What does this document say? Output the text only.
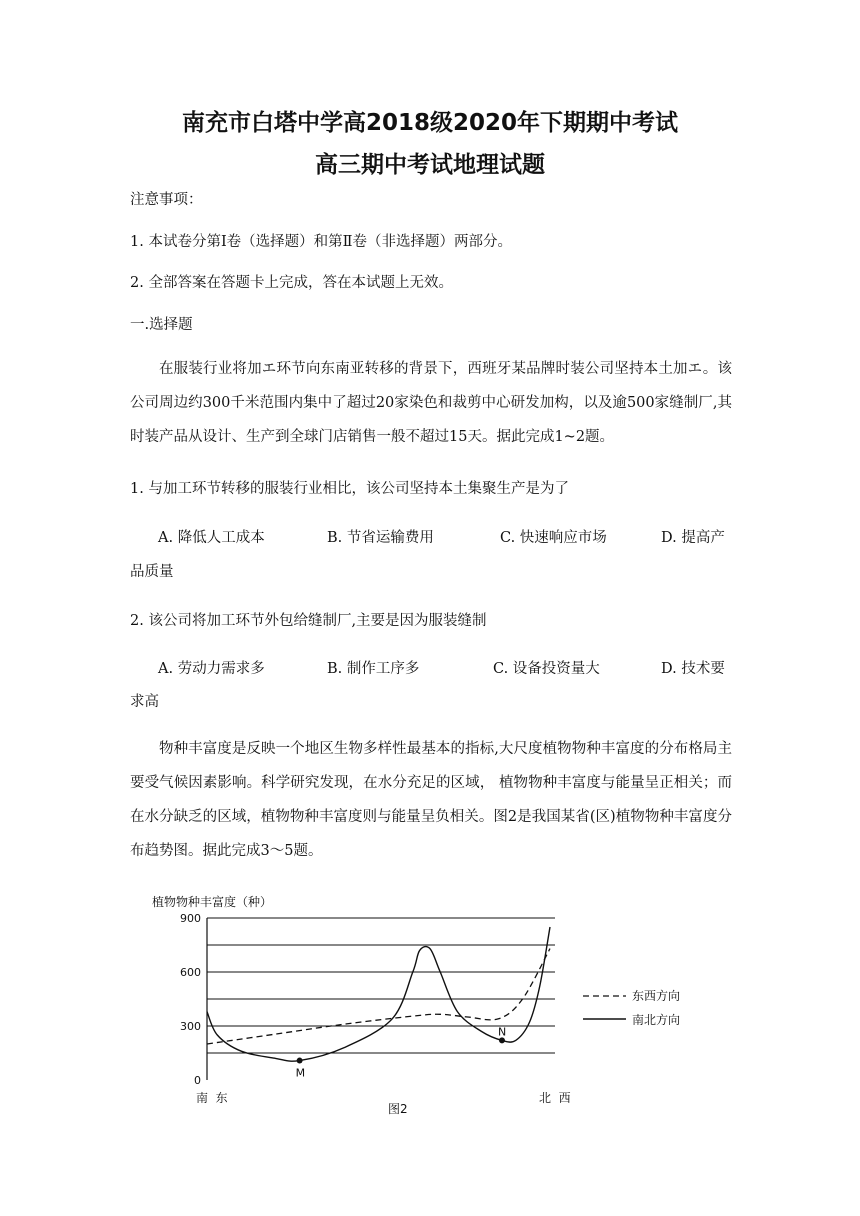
南充市白塔中学高2018级2020年下期期中考试
高三期中考试地理试题
注意事项：
1. 本试卷分第Ⅰ卷（选择题）和第Ⅱ卷（非选择题）两部分。
2. 全部答案在答题卡上完成，答在本试题上无效。
一.选择题
在服装行业将加エ环节向东南亚转移的背景下，西班牙某品牌时装公司坚持本土加エ。该公司周边约300千米范围内集中了超过20家染色和裁剪中心研发加构，以及逾500家缝制厂,其时装产品从设计、生产到全球门店销售一般不超过15天。据此完成1~2题。
1. 与加工环节转移的服装行业相比，该公司坚持本土集聚生产是为了
A. 降低人工成本	B. 节省运输费用	C. 快速响应市场	D. 提高产
品质量
2. 该公司将加工环节外包给缝制厂,主要是因为服装缝制
A. 劳动力需求多	B. 制作工序多	C. 设备投资量大	D. 技术要
求高
物种丰富度是反映一个地区生物多样性最基本的指标,大尺度植物物种丰富度的分布格局主要受气候因素影响。科学研究发现，在水分充足的区域， 植物物种丰富度与能量呈正相关；而在水分缺乏的区域，植物物种丰富度则与能量呈负相关。图2是我国某省(区)植物物种丰富度分布趋势图。据此完成3～5题。
植物物种丰富度（种）
900
600
300
0
M
N
南  东	北  西
图2
东西方向
南北方向
